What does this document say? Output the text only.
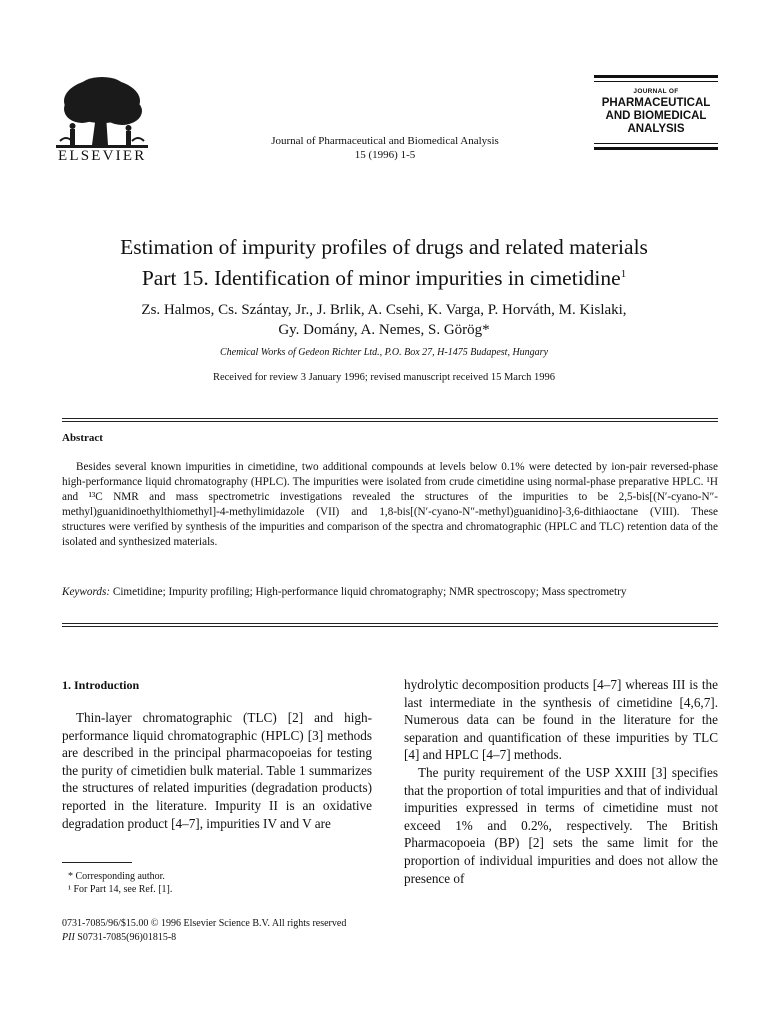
ELSEVIER
Journal of Pharmaceutical and Biomedical Analysis
15 (1996) 1-5
JOURNAL OF
PHARMACEUTICAL
AND BIOMEDICAL
ANALYSIS
Estimation of impurity profiles of drugs and related materials
Part 15. Identification of minor impurities in cimetidine$^1$
Zs. Halmos, Cs. Szántay, Jr., J. Brlik, A. Csehi, K. Varga, P. Horváth, M. Kislaki,
Gy. Domány, A. Nemes, S. Görög*
Chemical Works of Gedeon Richter Ltd., P.O. Box 27, H-1475 Budapest, Hungary
Received for review 3 January 1996; revised manuscript received 15 March 1996
Abstract

Besides several known impurities in cimetidine, two additional compounds at levels below 0.1% were detected by ion-pair reversed-phase high-performance liquid chromatography (HPLC). The impurities were isolated from crude cimetidine using normal-phase preparative HPLC. ¹H and ¹³C NMR and mass spectrometric investigations revealed the structures of the impurities to be 2,5-bis[(N′-cyano-N″-methyl)guanidinoethylthiomethyl]-4-methylimidazole (VII) and 1,8-bis[(N′-cyano-N″-methyl)guanidino]-3,6-dithiaoctane (VIII). These structures were verified by synthesis of the impurities and comparison of the spectra and chromatographic (HPLC and TLC) retention data of the isolated and synthesized materials.

Keywords: Cimetidine; Impurity profiling; High-performance liquid chromatography; NMR spectroscopy; Mass spectrometry
1. Introduction

Thin-layer chromatographic (TLC) [2] and high-performance liquid chromatographic (HPLC) [3] methods are described in the principal pharmacopoeias for testing the purity of cimetidien bulk material. Table 1 summarizes the structures of related impurities (degradation products) reported in the literature. Impurity II is an oxidative degradation product [4–7], impurities IV and V are

hydrolytic decomposition products [4–7] whereas III is the last intermediate in the synthesis of cimetidine [4,6,7]. Numerous data can be found in the literature for the separation and quantification of these impurities by TLC [4] and HPLC [4–7] methods.

The purity requirement of the USP XXIII [3] specifies that the proportion of total impurities and that of individual impurities expressed in terms of cimetidine must not exceed 1% and 0.2%, respectively. The British Pharmacopoeia (BP) [2] sets the same limit for the proportion of individual impurities and does not allow the presence of

* Corresponding author.
¹ For Part 14, see Ref. [1].
0731-7085/96/$15.00 © 1996 Elsevier Science B.V. All rights reserved
PII S0731-7085(96)01815-8
